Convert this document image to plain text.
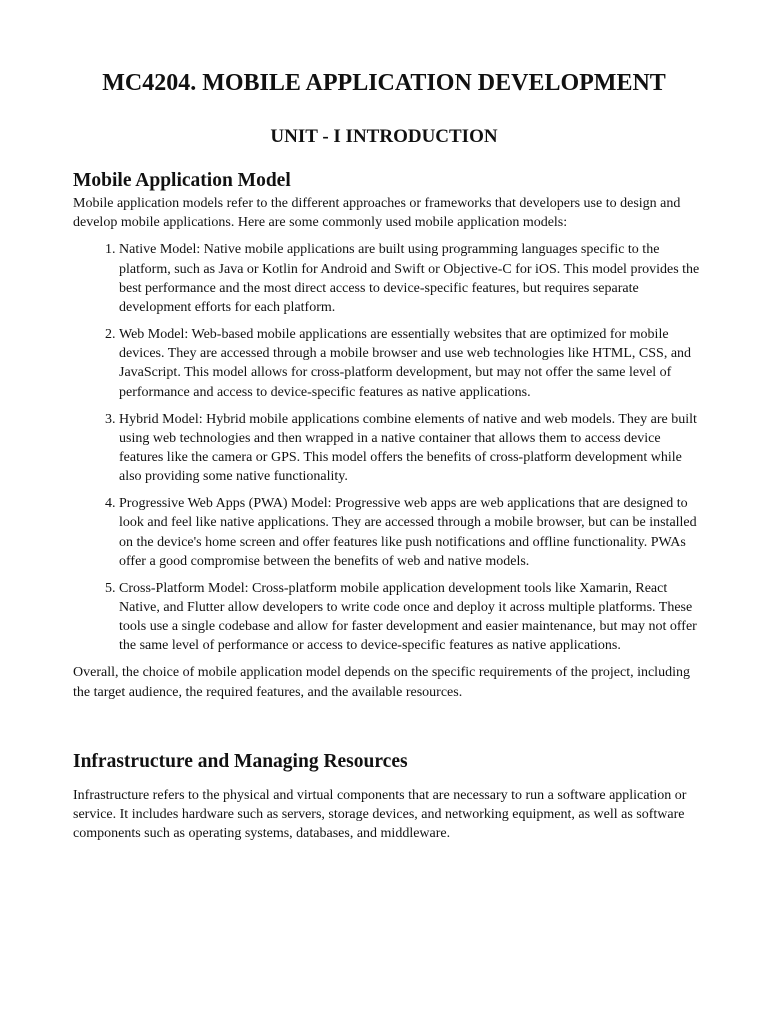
MC4204. MOBILE APPLICATION DEVELOPMENT
UNIT - I INTRODUCTION
Mobile Application Model

Mobile application models refer to the different approaches or frameworks that developers use to design and develop mobile applications. Here are some commonly used mobile application models:

1. Native Model: Native mobile applications are built using programming languages specific to the platform, such as Java or Kotlin for Android and Swift or Objective-C for iOS. This model provides the best performance and the most direct access to device-specific features, but requires separate development efforts for each platform.
2. Web Model: Web-based mobile applications are essentially websites that are optimized for mobile devices. They are accessed through a mobile browser and use web technologies like HTML, CSS, and JavaScript. This model allows for cross-platform development, but may not offer the same level of performance and access to device-specific features as native applications.
3. Hybrid Model: Hybrid mobile applications combine elements of native and web models. They are built using web technologies and then wrapped in a native container that allows them to access device features like the camera or GPS. This model offers the benefits of cross-platform development while also providing some native functionality.
4. Progressive Web Apps (PWA) Model: Progressive web apps are web applications that are designed to look and feel like native applications. They are accessed through a mobile browser, but can be installed on the device's home screen and offer features like push notifications and offline functionality. PWAs offer a good compromise between the benefits of web and native models.
5. Cross-Platform Model: Cross-platform mobile application development tools like Xamarin, React Native, and Flutter allow developers to write code once and deploy it across multiple platforms. These tools use a single codebase and allow for faster development and easier maintenance, but may not offer the same level of performance or access to device-specific features as native applications.

Overall, the choice of mobile application model depends on the specific requirements of the project, including the target audience, the required features, and the available resources.

Infrastructure and Managing Resources

Infrastructure refers to the physical and virtual components that are necessary to run a software application or service. It includes hardware such as servers, storage devices, and networking equipment, as well as software components such as operating systems, databases, and middleware.
